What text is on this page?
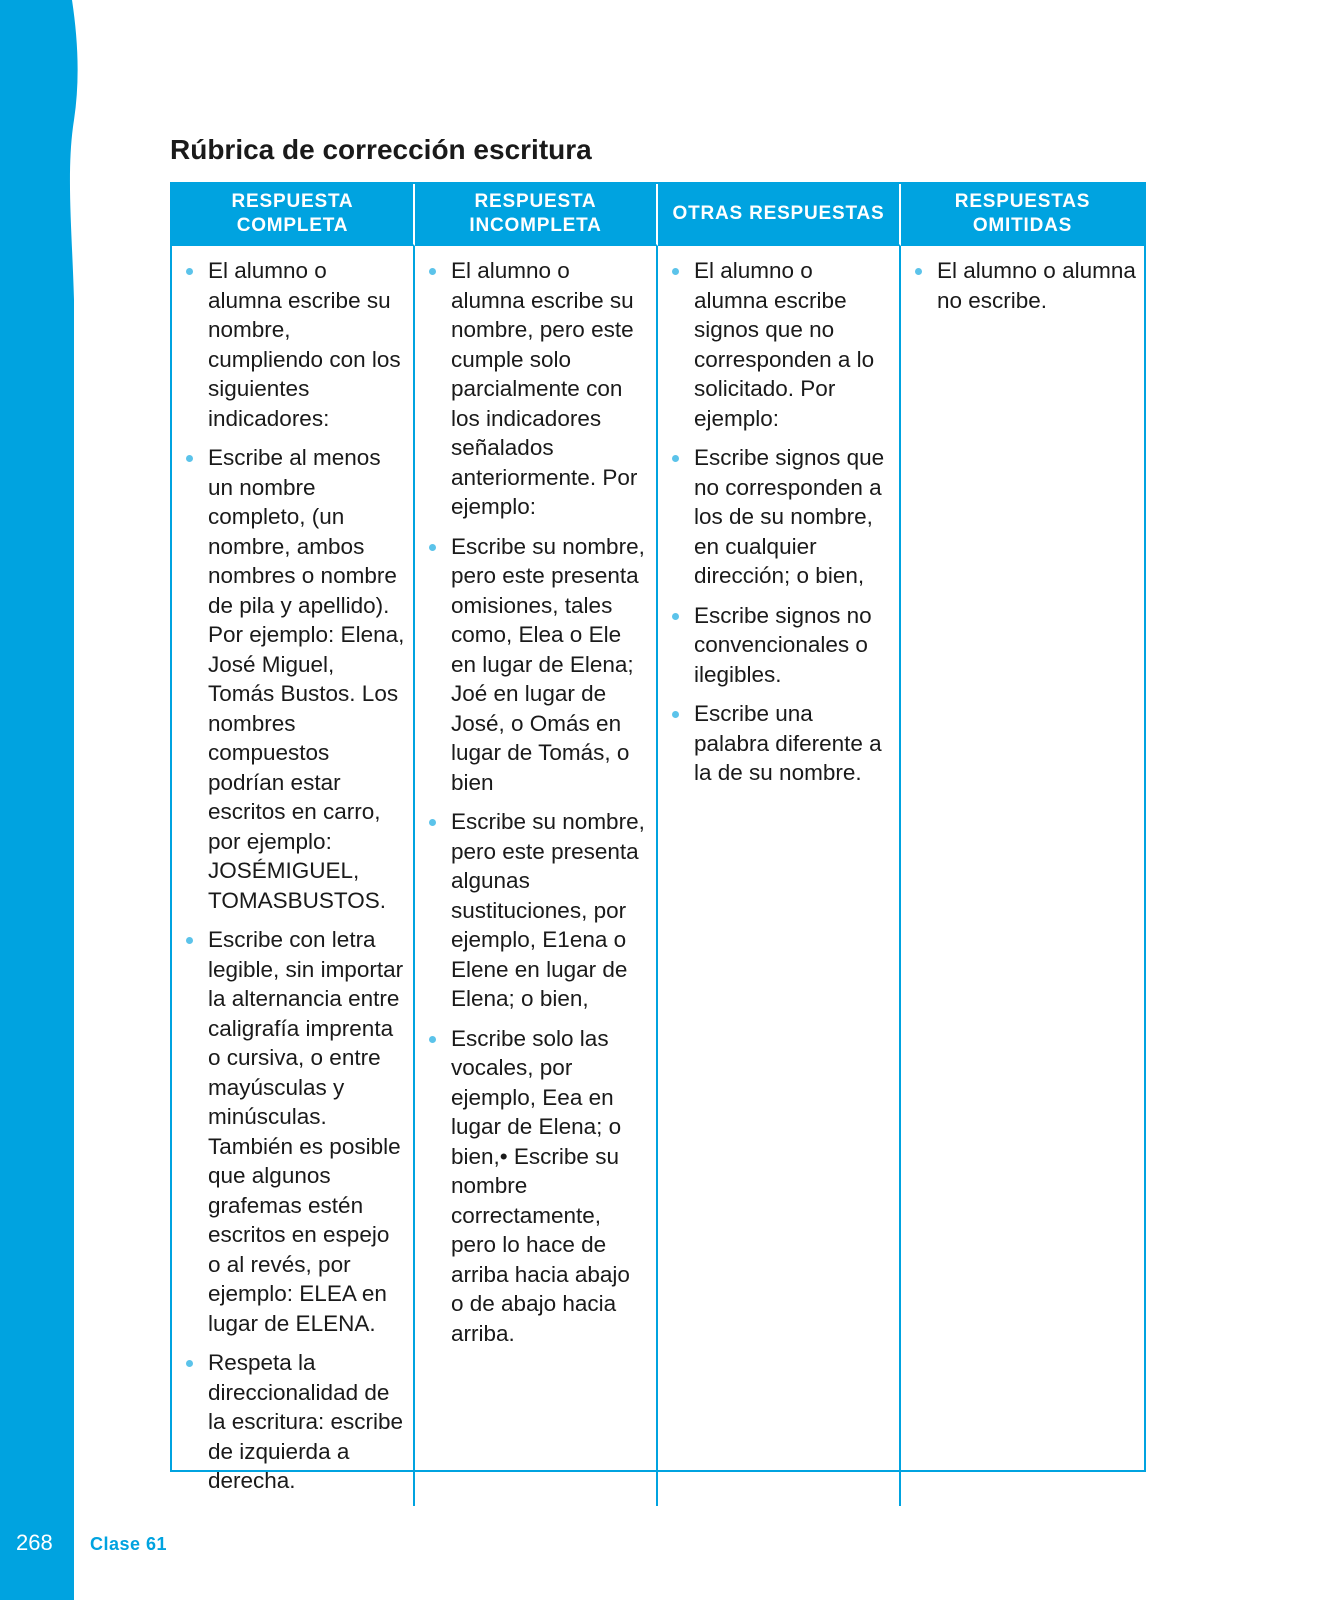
268 Clase 61
Rúbrica de corrección escritura
RESPUESTA COMPLETA
RESPUESTA INCOMPLETA
OTRAS RESPUESTAS
RESPUESTAS OMITIDAS
El alumno o alumna escribe su nombre, cumpliendo con los siguientes indicadores:
Escribe al menos un nombre completo, (un nombre, ambos nombres o nombre de pila y apellido). Por ejemplo: Elena, José Miguel, Tomás Bustos. Los nombres compuestos podrían estar escritos en carro, por ejemplo: JOSÉMIGUEL, TOMASBUSTOS.
Escribe con letra legible, sin importar la alternancia entre caligrafía imprenta o cursiva, o entre mayúsculas y minúsculas. También es posible que algunos grafemas estén escritos en espejo o al revés, por ejemplo: ELEA en lugar de ELENA.
Respeta la direccionalidad de la escritura: escribe de izquierda a derecha.
El alumno o alumna escribe su nombre, pero este cumple solo parcialmente con los indicadores señalados anteriormente. Por ejemplo:
Escribe su nombre, pero este presenta omisiones, tales como, Elea o Ele en lugar de Elena; Joé en lugar de José, o Omás en lugar de Tomás, o bien
Escribe su nombre, pero este presenta algunas sustituciones, por ejemplo, E1ena o Elene en lugar de Elena; o bien,
Escribe solo las vocales, por ejemplo, Eea en lugar de Elena; o bien,• Escribe su nombre correctamente, pero lo hace de arriba hacia abajo o de abajo hacia arriba.
El alumno o alumna escribe signos que no corresponden a lo solicitado. Por ejemplo:
Escribe signos que no corresponden a los de su nombre, en cualquier dirección; o bien,
Escribe signos no convencionales o ilegibles.
Escribe una palabra diferente a la de su nombre.
El alumno o alumna no escribe.
